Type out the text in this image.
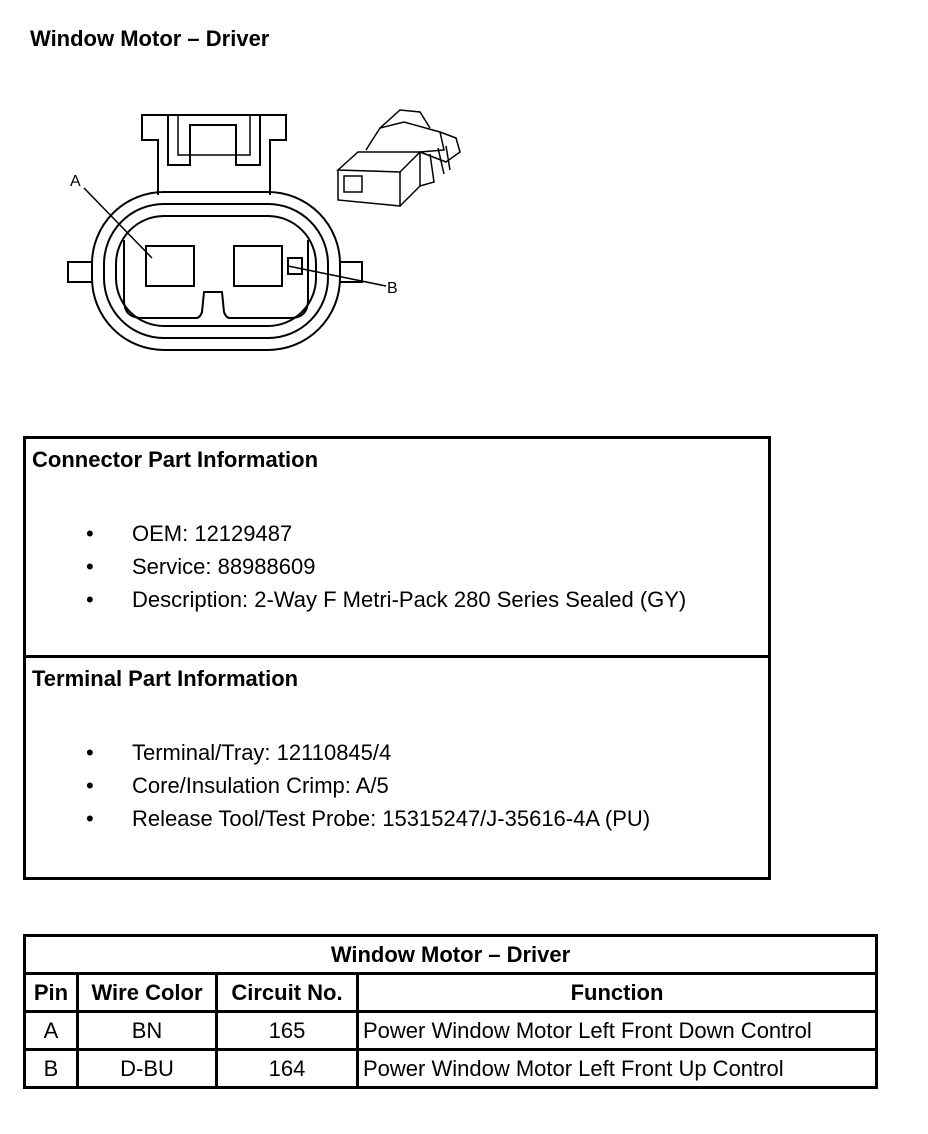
Window Motor – Driver
A
B
Connector Part Information
• OEM: 12129487
• Service: 88988609
• Description: 2-Way F Metri-Pack 280 Series Sealed (GY)
Terminal Part Information
• Terminal/Tray: 12110845/4
• Core/Insulation Crimp: A/5
• Release Tool/Test Probe: 15315247/J-35616-4A (PU)
Window Motor – Driver			
Pin	Wire Color	Circuit No.	Function
A	BN	165	Power Window Motor Left Front Down Control
B	D-BU	164	Power Window Motor Left Front Up Control
